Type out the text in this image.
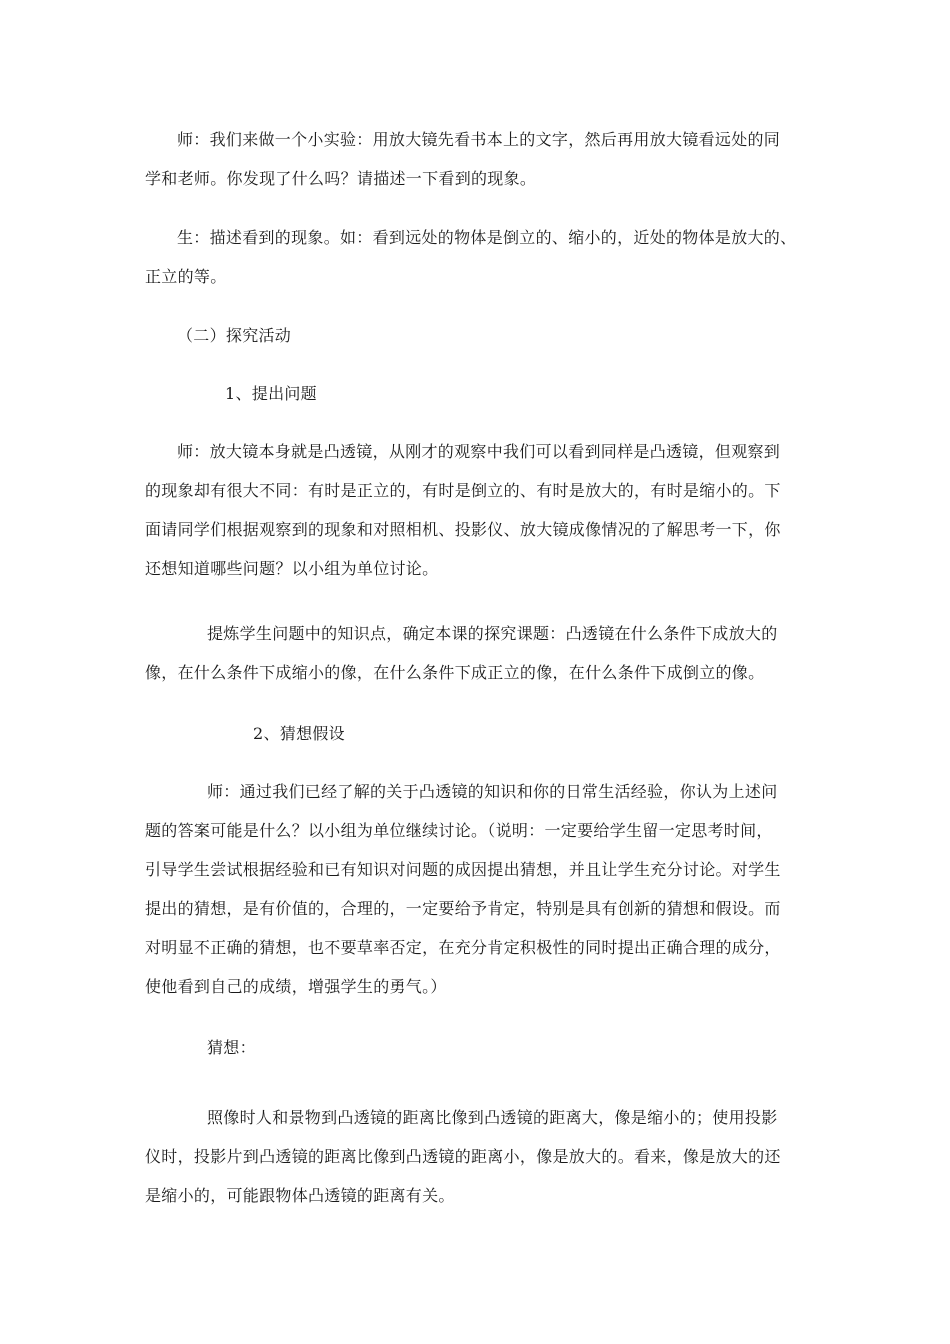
师：我们来做一个小实验：用放大镜先看书本上的文字，然后再用放大镜看远处的同
学和老师。你发现了什么吗？请描述一下看到的现象。
生：描述看到的现象。如：看到远处的物体是倒立的、缩小的，近处的物体是放大的、
正立的等。
（二）探究活动
1、提出问题
师：放大镜本身就是凸透镜，从刚才的观察中我们可以看到同样是凸透镜，但观察到
的现象却有很大不同：有时是正立的，有时是倒立的、有时是放大的，有时是缩小的。下
面请同学们根据观察到的现象和对照相机、投影仪、放大镜成像情况的了解思考一下，你
还想知道哪些问题？以小组为单位讨论。
提炼学生问题中的知识点，确定本课的探究课题：凸透镜在什么条件下成放大的
像，在什么条件下成缩小的像，在什么条件下成正立的像，在什么条件下成倒立的像。
2、猜想假设
师：通过我们已经了解的关于凸透镜的知识和你的日常生活经验，你认为上述问
题的答案可能是什么？以小组为单位继续讨论。（说明：一定要给学生留一定思考时间，
引导学生尝试根据经验和已有知识对问题的成因提出猜想，并且让学生充分讨论。对学生
提出的猜想，是有价值的，合理的，一定要给予肯定，特别是具有创新的猜想和假设。而
对明显不正确的猜想，也不要草率否定，在充分肯定积极性的同时提出正确合理的成分，
使他看到自己的成绩，增强学生的勇气。）
猜想：
照像时人和景物到凸透镜的距离比像到凸透镜的距离大，像是缩小的；使用投影
仪时，投影片到凸透镜的距离比像到凸透镜的距离小，像是放大的。看来，像是放大的还
是缩小的，可能跟物体凸透镜的距离有关。
